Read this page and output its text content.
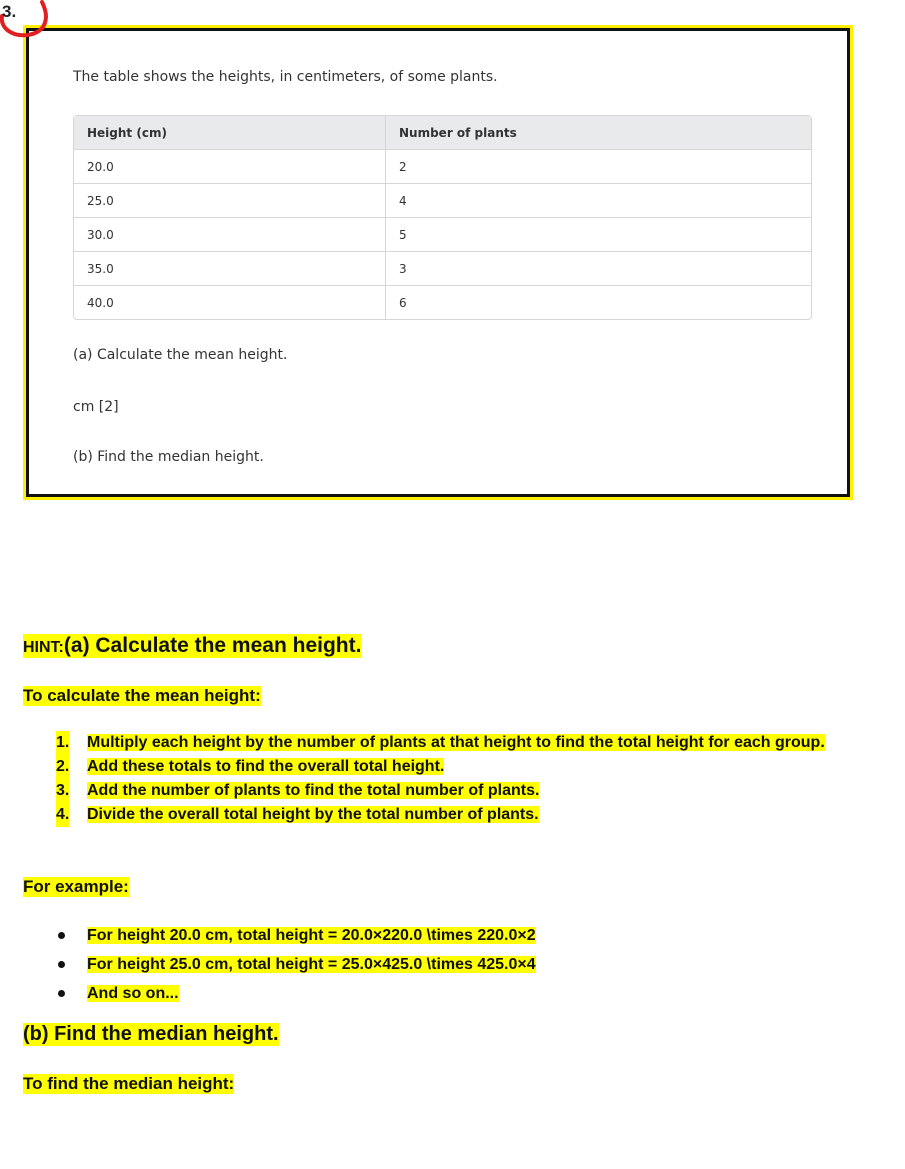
3.
The table shows the heights, in centimeters, of some plants.
Height (cm)	Number of plants
20.0	2
25.0	4
30.0	5
35.0	3
40.0	6
(a) Calculate the mean height.
cm [2]
(b) Find the median height.
HINT:(a) Calculate the mean height.
To calculate the mean height:
1. Multiply each height by the number of plants at that height to find the total height for each group.
2. Add these totals to find the overall total height.
3. Add the number of plants to find the total number of plants.
4. Divide the overall total height by the total number of plants.
For example:
For height 20.0 cm, total height = 20.0×220.0 \times 220.0×2
For height 25.0 cm, total height = 25.0×425.0 \times 425.0×4
And so on...
(b) Find the median height.
To find the median height:
